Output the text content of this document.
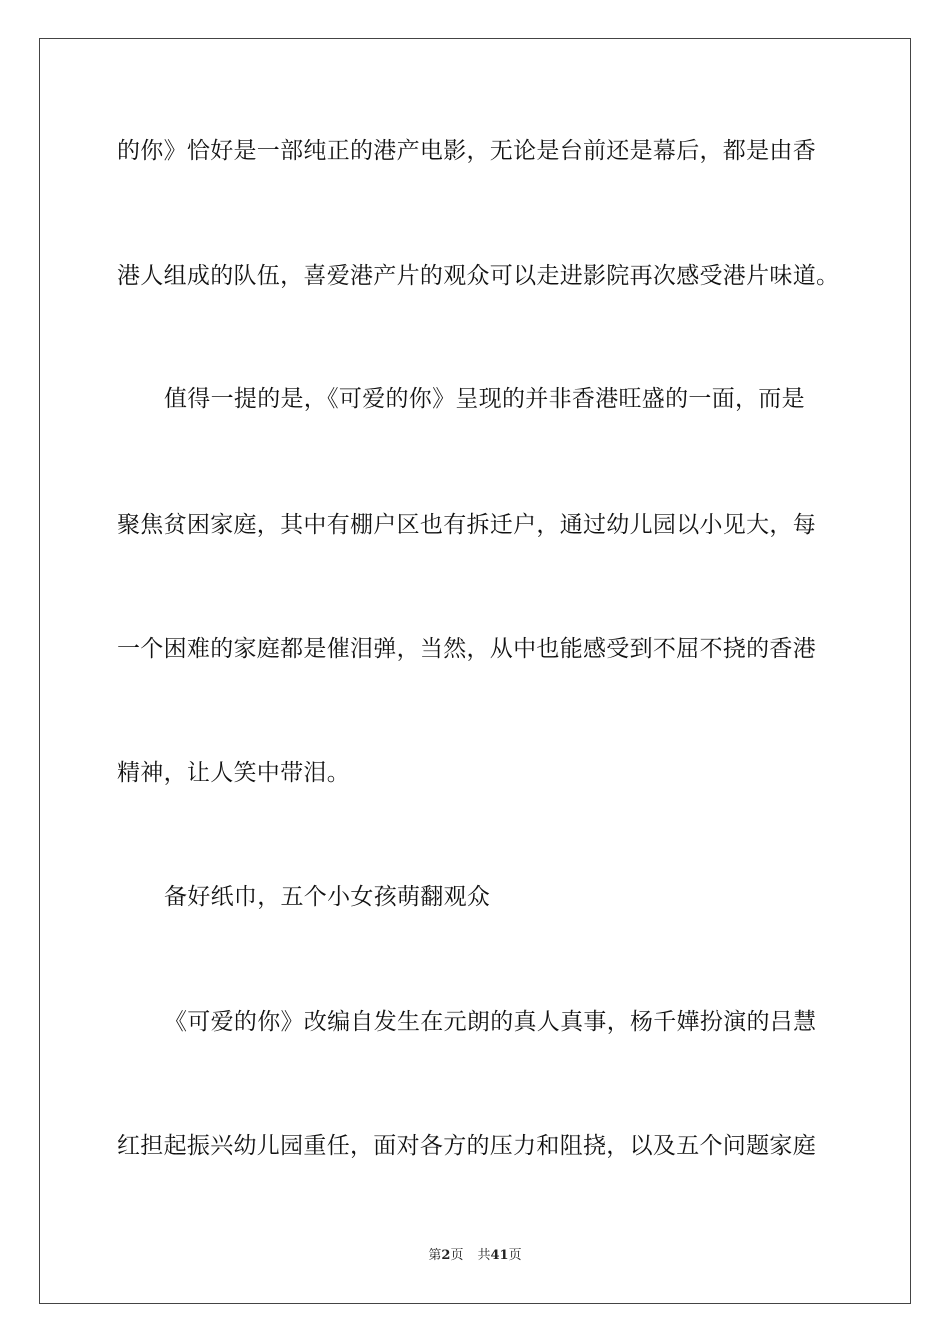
的你》恰好是一部纯正的港产电影，无论是台前还是幕后，都是由香
港人组成的队伍，喜爱港产片的观众可以走进影院再次感受港片味道。
值得一提的是，《可爱的你》呈现的并非香港旺盛的一面，而是
聚焦贫困家庭，其中有棚户区也有拆迁户，通过幼儿园以小见大，每
一个困难的家庭都是催泪弹，当然，从中也能感受到不屈不挠的香港
精神，让人笑中带泪。
备好纸巾，五个小女孩萌翻观众
《可爱的你》改编自发生在元朗的真人真事，杨千嬅扮演的吕慧
红担起振兴幼儿园重任，面对各方的压力和阻挠，以及五个问题家庭
第2页 共41页
